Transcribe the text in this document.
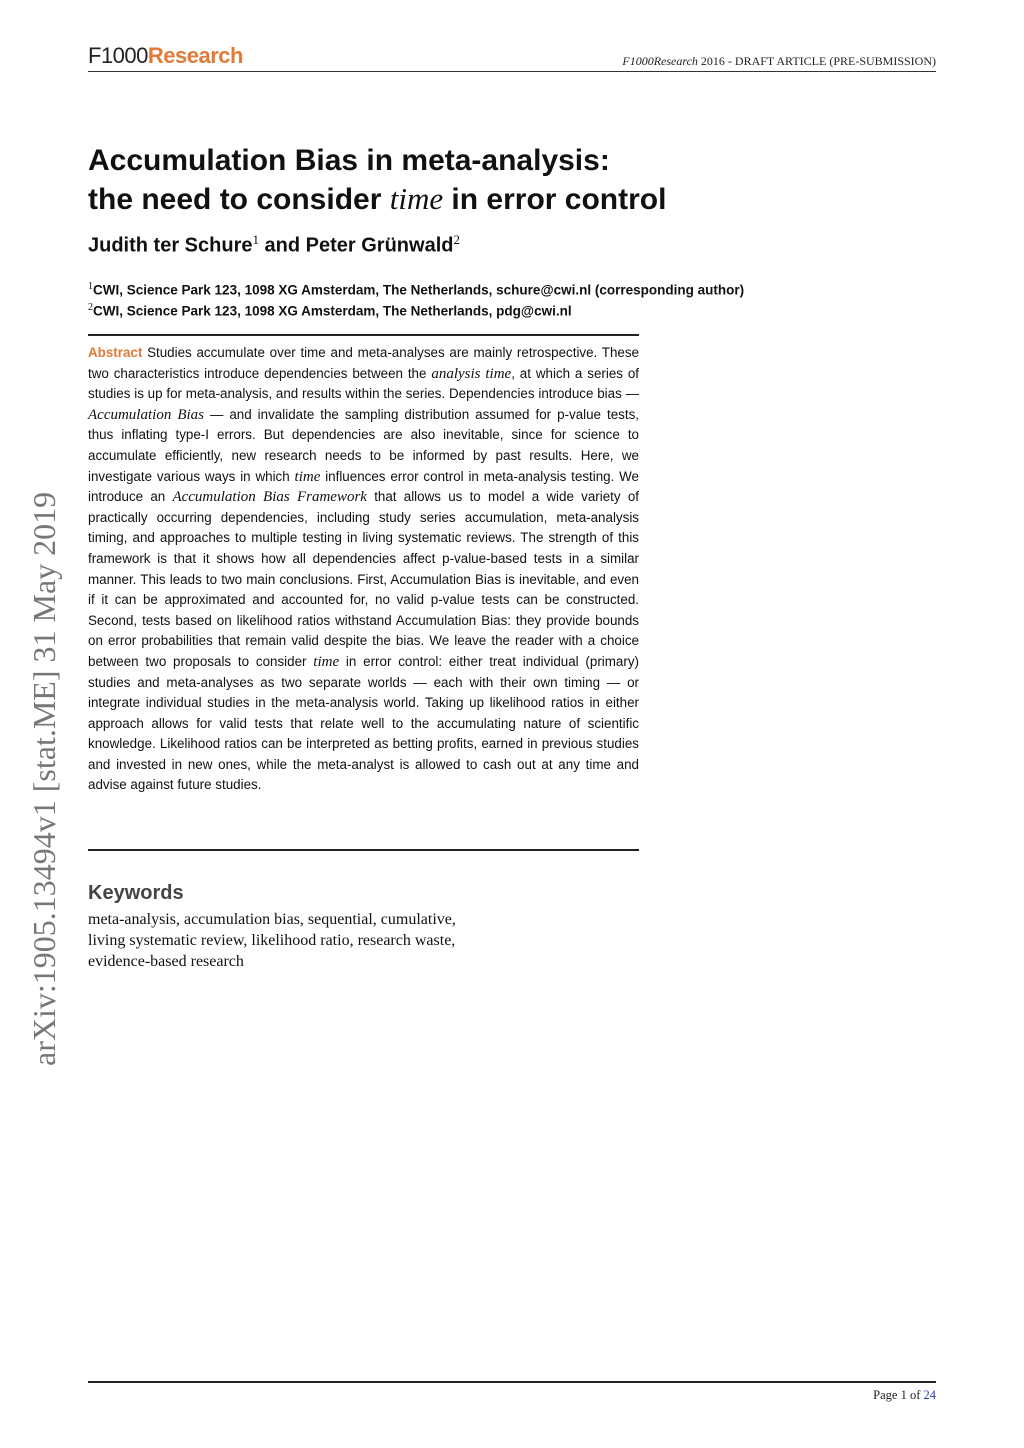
F1000Research	F1000Research 2016 - DRAFT ARTICLE (PRE-SUBMISSION)
arXiv:1905.13494v1 [stat.ME] 31 May 2019
Accumulation Bias in meta-analysis:
the need to consider time in error control
Judith ter Schure$^1$ and Peter Grünwald$^2$
$^1$CWI, Science Park 123, 1098 XG Amsterdam, The Netherlands, schure@cwi.nl (corresponding author)
$^2$CWI, Science Park 123, 1098 XG Amsterdam, The Netherlands, pdg@cwi.nl
Abstract Studies accumulate over time and meta-analyses are mainly retrospective. These two characteristics introduce dependencies between the analysis time, at which a series of studies is up for meta-analysis, and results within the series. Dependencies introduce bias — Accumulation Bias — and invalidate the sampling distribution assumed for p-value tests, thus inflating type-I errors. But dependencies are also inevitable, since for science to accumulate efficiently, new research needs to be informed by past results. Here, we investigate various ways in which time influences error control in meta-analysis testing. We introduce an Accumulation Bias Framework that allows us to model a wide variety of practically occurring dependencies, including study series accumulation, meta-analysis timing, and approaches to multiple testing in living systematic reviews. The strength of this framework is that it shows how all dependencies affect p-value-based tests in a similar manner. This leads to two main conclusions. First, Accumulation Bias is inevitable, and even if it can be approximated and accounted for, no valid p-value tests can be constructed. Second, tests based on likelihood ratios withstand Accumulation Bias: they provide bounds on error probabilities that remain valid despite the bias. We leave the reader with a choice between two proposals to consider time in error control: either treat individual (primary) studies and meta-analyses as two separate worlds — each with their own timing — or integrate individual studies in the meta-analysis world. Taking up likelihood ratios in either approach allows for valid tests that relate well to the accumulating nature of scientific knowledge. Likelihood ratios can be interpreted as betting profits, earned in previous studies and invested in new ones, while the meta-analyst is allowed to cash out at any time and advise against future studies.
Keywords
meta-analysis, accumulation bias, sequential, cumulative,
living systematic review, likelihood ratio, research waste,
evidence-based research
Page 1 of 24
